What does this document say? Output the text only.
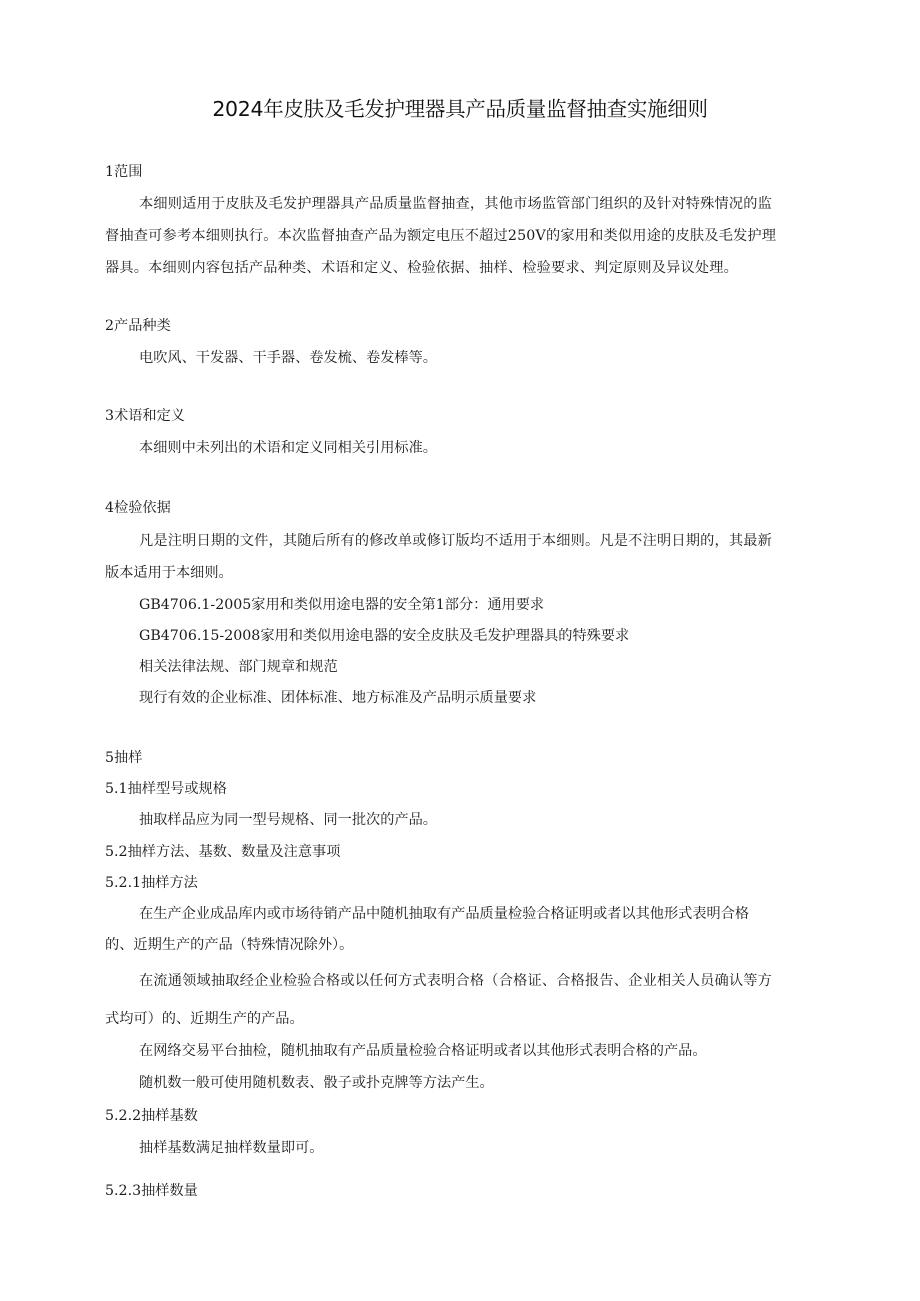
2024年皮肤及毛发护理器具产品质量监督抽查实施细则
1范围
本细则适用于皮肤及毛发护理器具产品质量监督抽查，其他市场监管部门组织的及针对特殊情况的监
督抽查可参考本细则执行。本次监督抽查产品为额定电压不超过250V的家用和类似用途的皮肤及毛发护理
器具。本细则内容包括产品种类、术语和定义、检验依据、抽样、检验要求、判定原则及异议处理。
2产品种类
电吹风、干发器、干手器、卷发梳、卷发棒等。
3术语和定义
本细则中未列出的术语和定义同相关引用标准。
4检验依据
凡是注明日期的文件，其随后所有的修改单或修订版均不适用于本细则。凡是不注明日期的，其最新
版本适用于本细则。
GB4706.1-2005家用和类似用途电器的安全第1部分：通用要求
GB4706.15-2008家用和类似用途电器的安全皮肤及毛发护理器具的特殊要求
相关法律法规、部门规章和规范
现行有效的企业标准、团体标准、地方标准及产品明示质量要求
5抽样
5.1抽样型号或规格
抽取样品应为同一型号规格、同一批次的产品。
5.2抽样方法、基数、数量及注意事项
5.2.1抽样方法
在生产企业成品库内或市场待销产品中随机抽取有产品质量检验合格证明或者以其他形式表明合格
的、近期生产的产品（特殊情况除外）。
在流通领域抽取经企业检验合格或以任何方式表明合格（合格证、合格报告、企业相关人员确认等方
式均可）的、近期生产的产品。
在网络交易平台抽检，随机抽取有产品质量检验合格证明或者以其他形式表明合格的产品。
随机数一般可使用随机数表、骰子或扑克牌等方法产生。
5.2.2抽样基数
抽样基数满足抽样数量即可。
5.2.3抽样数量
